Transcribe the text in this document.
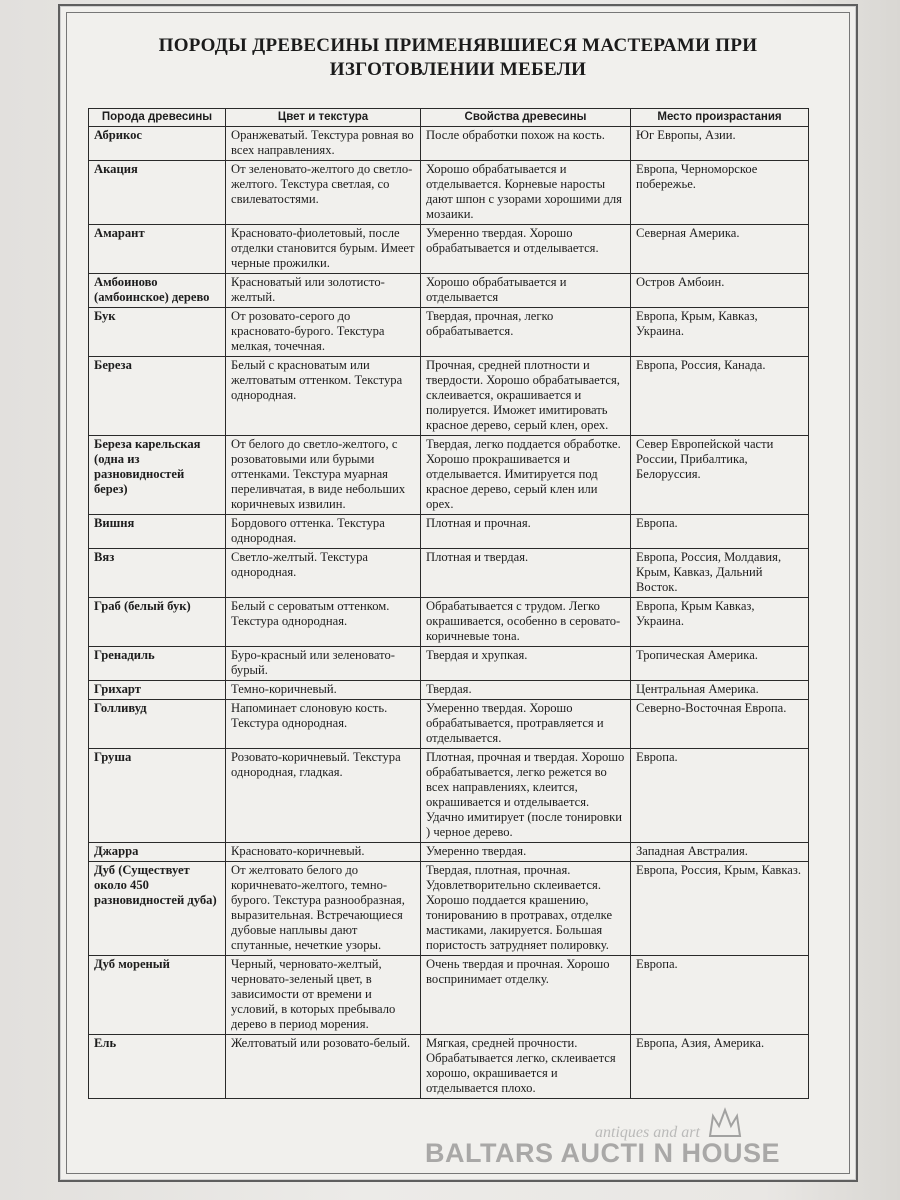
ПОРОДЫ ДРЕВЕСИНЫ ПРИМЕНЯВШИЕСЯ МАСТЕРАМИ ПРИ
ИЗГОТОВЛЕНИИ МЕБЕЛИ
Порода древесины	Цвет и текстура	Свойства древесины	Место произрастания
Абрикос	Оранжеватый. Текстура ровная во всех направлениях.	После обработки похож на кость.	Юг Европы, Азии.
Акация	От зеленовато-желтого до светло-желтого. Текстура светлая, со свилеватостями.	Хорошо обрабатывается и отделывается. Корневые наросты дают шпон с узорами хорошими для мозаики.	Европа, Черноморское побережье.
Амарант	Красновато-фиолетовый, после отделки становится бурым. Имеет черные прожилки.	Умеренно твердая. Хорошо обрабатывается и отделывается.	Северная Америка.
Амбоиново (амбоинское) дерево	Красноватый или золотисто-желтый.	Хорошо обрабатывается и отделывается	Остров Амбоин.
Бук	От розовато-серого до красновато-бурого. Текстура мелкая, точечная.	Твердая, прочная, легко обрабатывается.	Европа, Крым, Кавказ, Украина.
Береза	Белый с красноватым или желтоватым оттенком. Текстура однородная.	Прочная, средней плотности и твердости. Хорошо обрабатывается, склеивается, окрашивается и полируется. Иможет имитировать красное дерево, серый клен, орех.	Европа, Россия, Канада.
Береза карельская (одна из разновидностей берез)	От белого до светло-желтого, с розоватовыми или бурыми оттенками. Текстура муарная переливчатая, в виде небольших коричневых извилин.	Твердая, легко поддается обработке. Хорошо прокрашивается и отделывается. Имитируется под красное дерево, серый клен или орех.	Север Европейской части России, Прибалтика, Белоруссия.
Вишня	Бордового оттенка. Текстура однородная.	Плотная и прочная.	Европа.
Вяз	Светло-желтый. Текстура однородная.	Плотная и твердая.	Европа, Россия, Молдавия, Крым, Кавказ, Дальний Восток.
Граб (белый бук)	Белый с сероватым оттенком. Текстура однородная.	Обрабатывается с трудом. Легко окрашивается, особенно в серовато-коричневые тона.	Европа, Крым Кавказ, Украина.
Гренадиль	Буро-красный или зеленовато-бурый.	Твердая и хрупкая.	Тропическая Америка.
Грихарт	Темно-коричневый.	Твердая.	Центральная Америка.
Голливуд	Напоминает слоновую кость. Текстура однородная.	Умеренно твердая. Хорошо обрабатывается, протравляется и отделывается.	Северно-Восточная Европа.
Груша	Розовато-коричневый. Текстура однородная, гладкая.	Плотная, прочная и твердая. Хорошо обрабатывается, легко режется во всех направлениях, клеится, окрашивается и отделывается. Удачно имитирует (после тонировки ) черное дерево.	Европа.
Джарра	Красновато-коричневый.	Умеренно твердая.	Западная Австралия.
Дуб (Существует около 450 разновидностей дуба)	От желтовато белого до коричневато-желтого, темно-бурого. Текстура разнообразная, выразительная. Встречающиеся дубовые наплывы дают спутанные, нечеткие узоры.	Твердая, плотная, прочная. Удовлетворительно склеивается. Хорошо поддается крашению, тонированию в протравах, отделке мастиками, лакируется. Большая пористость затрудняет полировку.	Европа, Россия, Крым, Кавказ.
Дуб мореный	Черный, черновато-желтый, черновато-зеленый цвет, в зависимости от времени и условий, в которых пребывало дерево в период морения.	Очень твердая и прочная. Хорошо воспринимает отделку.	Европа.
Ель	Желтоватый или розовато-белый.	Мягкая, средней прочности. Обрабатывается легко, склеивается хорошо, окрашивается и отделывается плохо.	Европа, Азия, Америка.
antiques and art
BALTARS AUCTI N HOUSE
